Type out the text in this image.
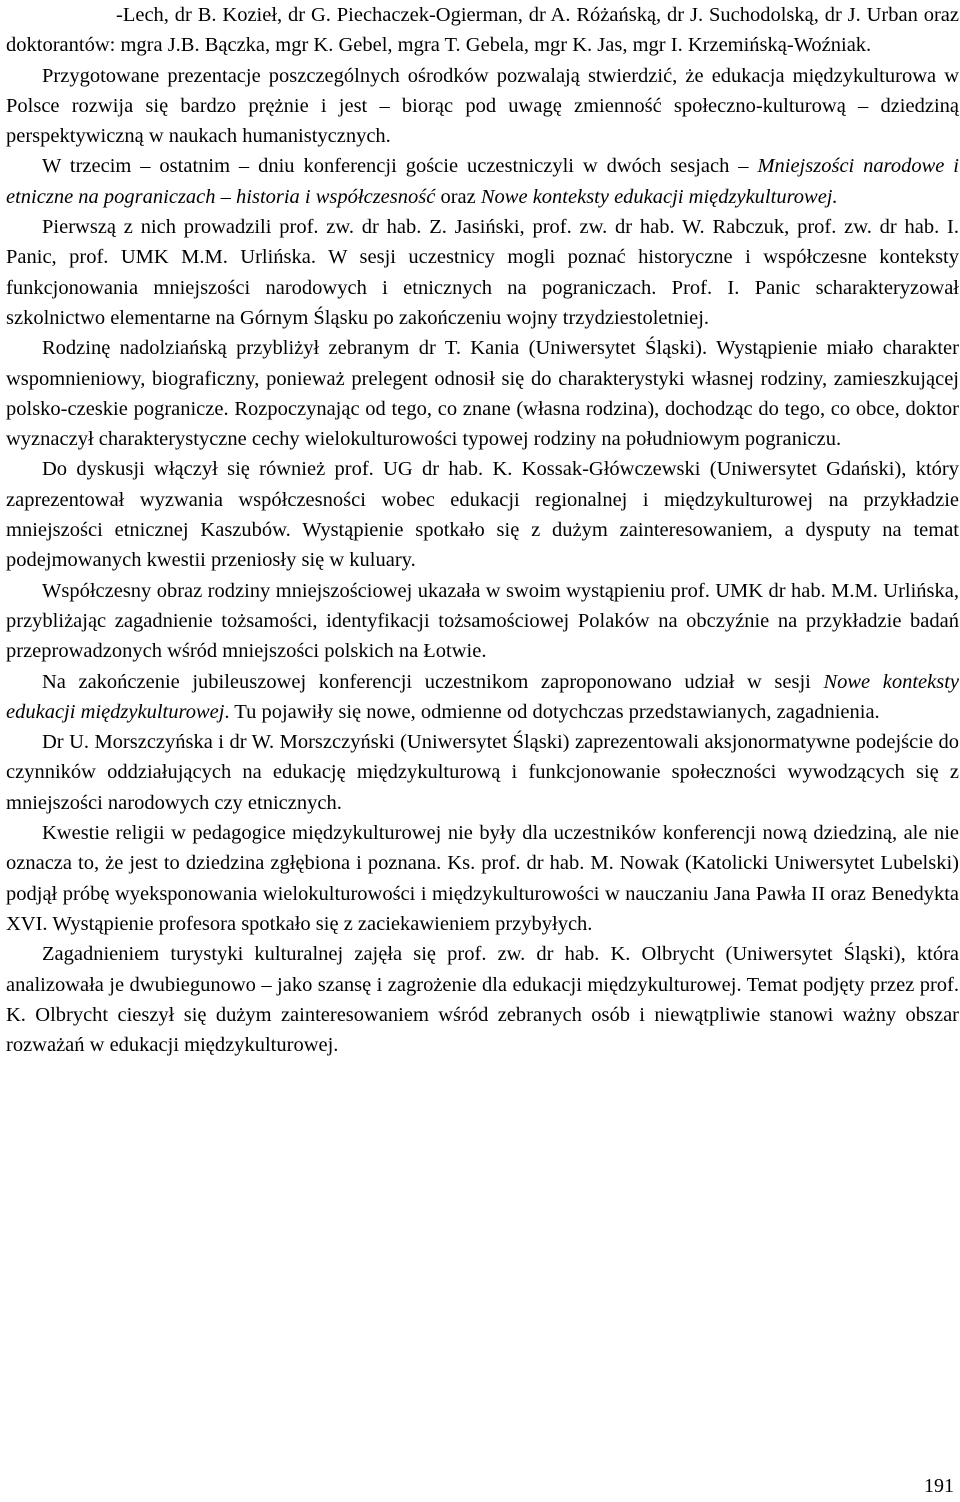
-Lech, dr B. Kozieł, dr G. Piechaczek-Ogierman, dr A. Różańską, dr J. Suchodolską, dr J. Urban oraz doktorantów: mgra J.B. Bączka, mgr K. Gebel, mgra T. Gebela, mgr K. Jas, mgr I. Krzemińską-Woźniak.

Przygotowane prezentacje poszczególnych ośrodków pozwalają stwierdzić, że edukacja międzykulturowa w Polsce rozwija się bardzo prężnie i jest – biorąc pod uwagę zmienność społeczno-kulturową – dziedziną perspektywiczną w naukach humanistycznych.

W trzecim – ostatnim – dniu konferencji goście uczestniczyli w dwóch sesjach – Mniejszości narodowe i etniczne na pograniczach – historia i współczesność oraz Nowe konteksty edukacji międzykulturowej.

Pierwszą z nich prowadzili prof. zw. dr hab. Z. Jasiński, prof. zw. dr hab. W. Rabczuk, prof. zw. dr hab. I. Panic, prof. UMK M.M. Urlińska. W sesji uczestnicy mogli poznać historyczne i współczesne konteksty funkcjonowania mniejszości narodowych i etnicznych na pograniczach. Prof. I. Panic scharakteryzował szkolnictwo elementarne na Górnym Śląsku po zakończeniu wojny trzydziestoletniej.

Rodzinę nadolziańską przybliżył zebranym dr T. Kania (Uniwersytet Śląski). Wystąpienie miało charakter wspomnieniowy, biograficzny, ponieważ prelegent odnosił się do charakterystyki własnej rodziny, zamieszkującej polsko-czeskie pogranicze. Rozpoczynając od tego, co znane (własna rodzina), dochodząc do tego, co obce, doktor wyznaczył charakterystyczne cechy wielokulturowości typowej rodziny na południowym pograniczu.

Do dyskusji włączył się również prof. UG dr hab. K. Kossak-Główczewski (Uniwersytet Gdański), który zaprezentował wyzwania współczesności wobec edukacji regionalnej i międzykulturowej na przykładzie mniejszości etnicznej Kaszubów. Wystąpienie spotkało się z dużym zainteresowaniem, a dysputy na temat podejmowanych kwestii przeniosły się w kuluary.

Współczesny obraz rodziny mniejszościowej ukazała w swoim wystąpieniu prof. UMK dr hab. M.M. Urlińska, przybliżając zagadnienie tożsamości, identyfikacji tożsamościowej Polaków na obczyźnie na przykładzie badań przeprowadzonych wśród mniejszości polskich na Łotwie.

Na zakończenie jubileuszowej konferencji uczestnikom zaproponowano udział w sesji Nowe konteksty edukacji międzykulturowej. Tu pojawiły się nowe, odmienne od dotychczas przedstawianych, zagadnienia.

Dr U. Morszczyńska i dr W. Morszczyński (Uniwersytet Śląski) zaprezentowali aksjonormatywne podejście do czynników oddziałujących na edukację międzykulturową i funkcjonowanie społeczności wywodzących się z mniejszości narodowych czy etnicznych.

Kwestie religii w pedagogice międzykulturowej nie były dla uczestników konferencji nową dziedziną, ale nie oznacza to, że jest to dziedzina zgłębiona i poznana. Ks. prof. dr hab. M. Nowak (Katolicki Uniwersytet Lubelski) podjął próbę wyeksponowania wielokulturowości i międzykulturowości w nauczaniu Jana Pawła II oraz Benedykta XVI. Wystąpienie profesora spotkało się z zaciekawieniem przybyłych.

Zagadnieniem turystyki kulturalnej zajęła się prof. zw. dr hab. K. Olbrycht (Uniwersytet Śląski), która analizowała je dwubiegunowo – jako szansę i zagrożenie dla edukacji międzykulturowej. Temat podjęty przez prof. K. Olbrycht cieszył się dużym zainteresowaniem wśród zebranych osób i niewątpliwie stanowi ważny obszar rozważań w edukacji międzykulturowej.

191
